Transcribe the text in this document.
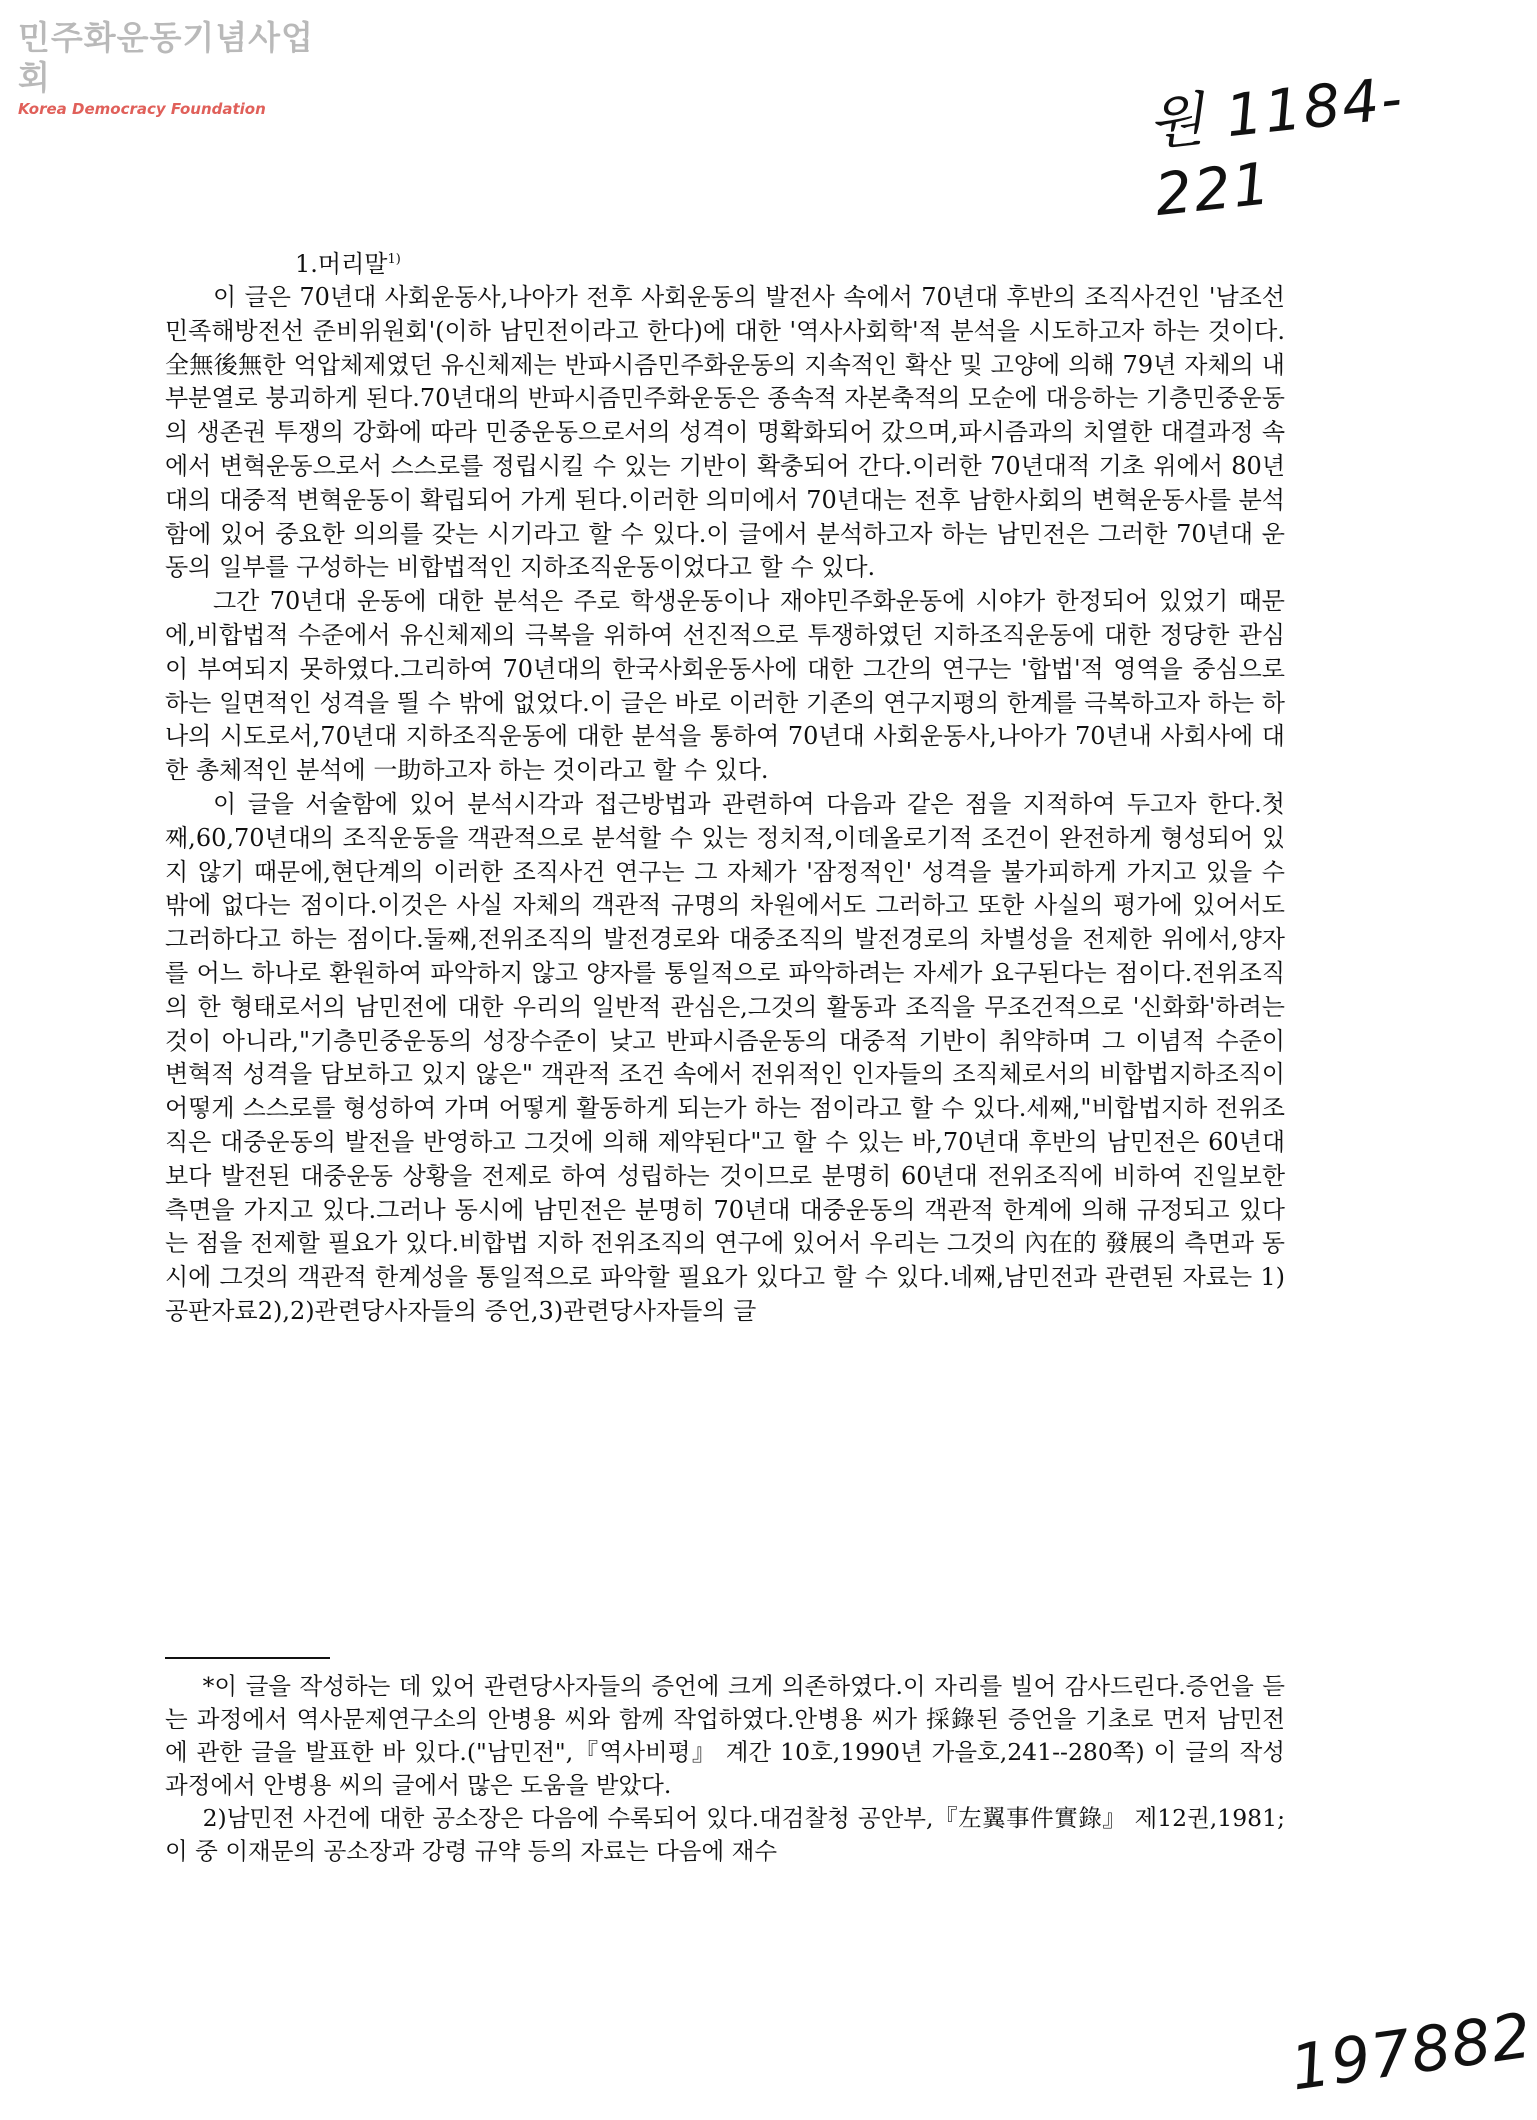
민주화운동기념사업회
Korea Democracy Foundation	원 1184-221

1.머리말$^{1)}$

이 글은 70년대 사회운동사,나아가 전후 사회운동의 발전사 속에서 70년대 후반의 조직사건인 '남조선민족해방전선 준비위원회'(이하 남민전이라고 한다)에 대한 '역사사회학'적 분석을 시도하고자 하는 것이다.全無後無한 억압체제였던 유신체제는 반파시즘민주화운동의 지속적인 확산 및 고양에 의해 79년 자체의 내부분열로 붕괴하게 된다.70년대의 반파시즘민주화운동은 종속적 자본축적의 모순에 대응하는 기층민중운동의 생존권 투쟁의 강화에 따라 민중운동으로서의 성격이 명확화되어 갔으며,파시즘과의 치열한 대결과정 속에서 변혁운동으로서 스스로를 정립시킬 수 있는 기반이 확충되어 간다.이러한 70년대적 기초 위에서 80년대의 대중적 변혁운동이 확립되어 가게 된다.이러한 의미에서 70년대는 전후 남한사회의 변혁운동사를 분석함에 있어 중요한 의의를 갖는 시기라고 할 수 있다.이 글에서 분석하고자 하는 남민전은 그러한 70년대 운동의 일부를 구성하는 비합법적인 지하조직운동이었다고 할 수 있다.

그간 70년대 운동에 대한 분석은 주로 학생운동이나 재야민주화운동에 시야가 한정되어 있었기 때문에,비합법적 수준에서 유신체제의 극복을 위하여 선진적으로 투쟁하였던 지하조직운동에 대한 정당한 관심이 부여되지 못하였다.그리하여 70년대의 한국사회운동사에 대한 그간의 연구는 '합법'적 영역을 중심으로 하는 일면적인 성격을 띌 수 밖에 없었다.이 글은 바로 이러한 기존의 연구지평의 한계를 극복하고자 하는 하나의 시도로서,70년대 지하조직운동에 대한 분석을 통하여 70년대 사회운동사,나아가 70년내 사회사에 대한 총체적인 분석에 一助하고자 하는 것이라고 할 수 있다.

이 글을 서술함에 있어 분석시각과 접근방법과 관련하여 다음과 같은 점을 지적하여 두고자 한다.첫째,60,70년대의 조직운동을 객관적으로 분석할 수 있는 정치적,이데올로기적 조건이 완전하게 형성되어 있지 않기 때문에,현단계의 이러한 조직사건 연구는 그 자체가 '잠정적인' 성격을 불가피하게 가지고 있을 수 밖에 없다는 점이다.이것은 사실 자체의 객관적 규명의 차원에서도 그러하고 또한 사실의 평가에 있어서도 그러하다고 하는 점이다.둘째,전위조직의 발전경로와 대중조직의 발전경로의 차별성을 전제한 위에서,양자를 어느 하나로 환원하여 파악하지 않고 양자를 통일적으로 파악하려는 자세가 요구된다는 점이다.전위조직의 한 형태로서의 남민전에 대한 우리의 일반적 관심은,그것의 활동과 조직을 무조건적으로 '신화화'하려는 것이 아니라,"기층민중운동의 성장수준이 낮고 반파시즘운동의 대중적 기반이 취약하며 그 이념적 수준이 변혁적 성격을 담보하고 있지 않은" 객관적 조건 속에서 전위적인 인자들의 조직체로서의 비합법지하조직이 어떻게 스스로를 형성하여 가며 어떻게 활동하게 되는가 하는 점이라고 할 수 있다.세째,"비합법지하 전위조직은 대중운동의 발전을 반영하고 그것에 의해 제약된다"고 할 수 있는 바,70년대 후반의 남민전은 60년대 보다 발전된 대중운동 상황을 전제로 하여 성립하는 것이므로 분명히 60년대 전위조직에 비하여 진일보한 측면을 가지고 있다.그러나 동시에 남민전은 분명히 70년대 대중운동의 객관적 한계에 의해 규정되고 있다는 점을 전제할 필요가 있다.비합법 지하 전위조직의 연구에 있어서 우리는 그것의 內在的 發展의 측면과 동시에 그것의 객관적 한계성을 통일적으로 파악할 필요가 있다고 할 수 있다.네째,남민전과 관련된 자료는 1)공판자료2),2)관련당사자들의 증언,3)관련당사자들의 글

*이 글을 작성하는 데 있어 관련당사자들의 증언에 크게 의존하였다.이 자리를 빌어 감사드린다.증언을 듣는 과정에서 역사문제연구소의 안병용 씨와 함께 작업하였다.안병용 씨가 採錄된 증언을 기초로 먼저 남민전에 관한 글을 발표한 바 있다.("남민전",『역사비평』 계간 10호,1990년 가을호,241--280쪽) 이 글의 작성과정에서 안병용 씨의 글에서 많은 도움을 받았다.

2)남민전 사건에 대한 공소장은 다음에 수록되어 있다.대검찰청 공안부,『左翼事件實錄』 제12권,1981;이 중 이재문의 공소장과 강령 규약 등의 자료는 다음에 재수

197882
